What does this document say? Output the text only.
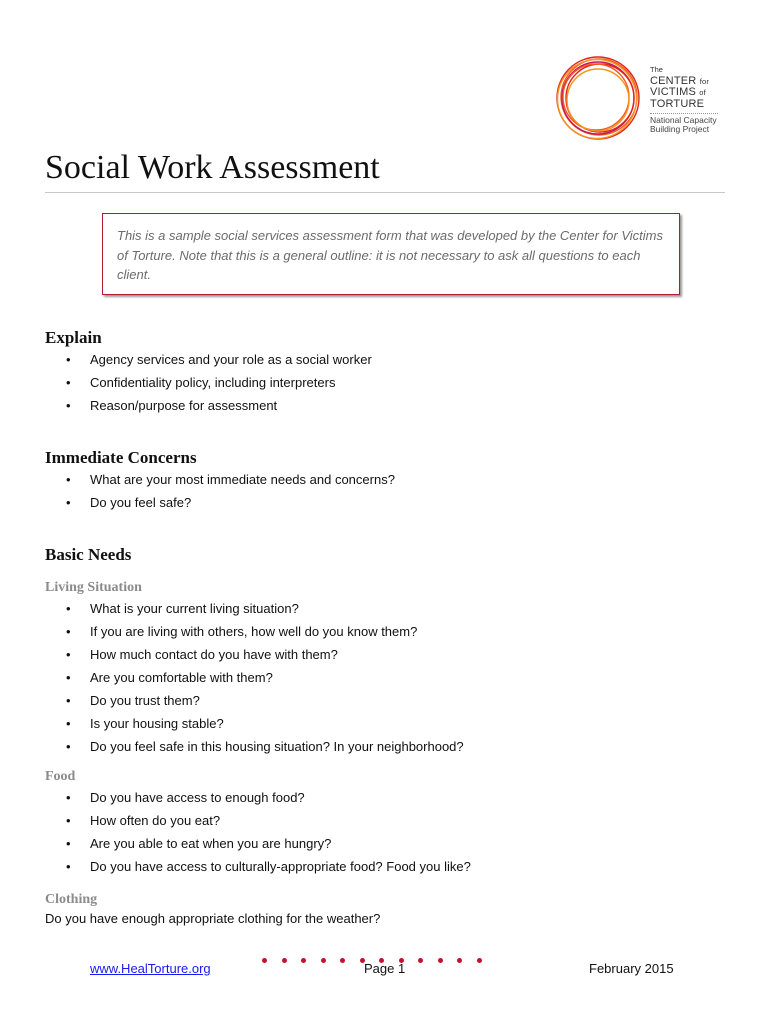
The
CENTER for
VICTIMS of
TORTURE
National Capacity
Building Project
Social Work Assessment

This is a sample social services assessment form that was developed by the Center for Victims of Torture. Note that this is a general outline: it is not necessary to ask all questions to each client.

Explain
• Agency services and your role as a social worker
• Confidentiality policy, including interpreters
• Reason/purpose for assessment
Immediate Concerns
• What are your most immediate needs and concerns?
• Do you feel safe?
Basic Needs
Living Situation
• What is your current living situation?
• If you are living with others, how well do you know them?
• How much contact do you have with them?
• Are you comfortable with them?
• Do you trust them?
• Is your housing stable?
• Do you feel safe in this housing situation? In your neighborhood?
Food
• Do you have access to enough food?
• How often do you eat?
• Are you able to eat when you are hungry?
• Do you have access to culturally-appropriate food? Food you like?
Clothing

Do you have enough appropriate clothing for the weather?

www.HealTorture.org	Page 1	February 2015
